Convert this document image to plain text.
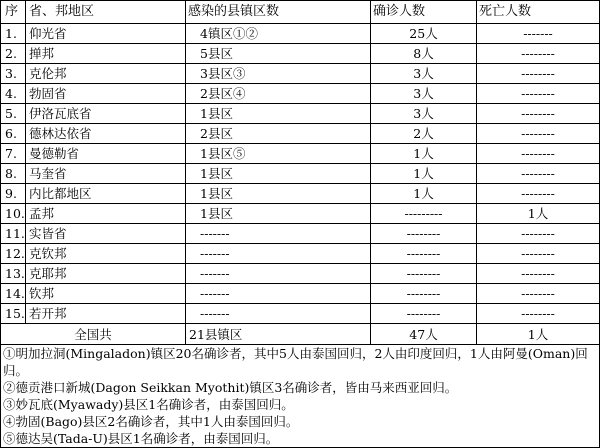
序	省、邦地区	感染的县镇区数	确诊人数	死亡人数
1.	仰光省	4镇区①②	25人	-------
2.	掸邦	5县区	8人	--------
3.	克伦邦	3县区③	3人	--------
4.	勃固省	2县区④	3人	--------
5.	伊洛瓦底省	1县区	3人	--------
6.	德林达依省	2县区	2人	--------
7.	曼德勒省	1县区⑤	1人	--------
8.	马奎省	1县区	1人	--------
9.	内比都地区	1县区	1人	--------
10.	孟邦	1县区	---------	1人
11.	实皆省	-------	--------	--------
12.	克钦邦	-------	--------	--------
13.	克耶邦	-------	--------	--------
14.	钦邦	-------	--------	--------
15.	若开邦	-------	--------	--------
全国共		21县镇区	47人	1人
①明加拉洞(Mingaladon)镇区20名确诊者，其中5人由泰国回归，2人由印度回归，1人由阿曼(Oman)回归。				
②德贡港口新城(Dagon Seikkan Myothit)镇区3名确诊者，皆由马来西亚回归。				
③妙瓦底(Myawady)县区1名确诊者，由泰国回归。				
④勃固(Bago)县区2名确诊者，其中1人由泰国回归。				
⑤德达吴(Tada-U)县区1名确诊者，由泰国回归。				
